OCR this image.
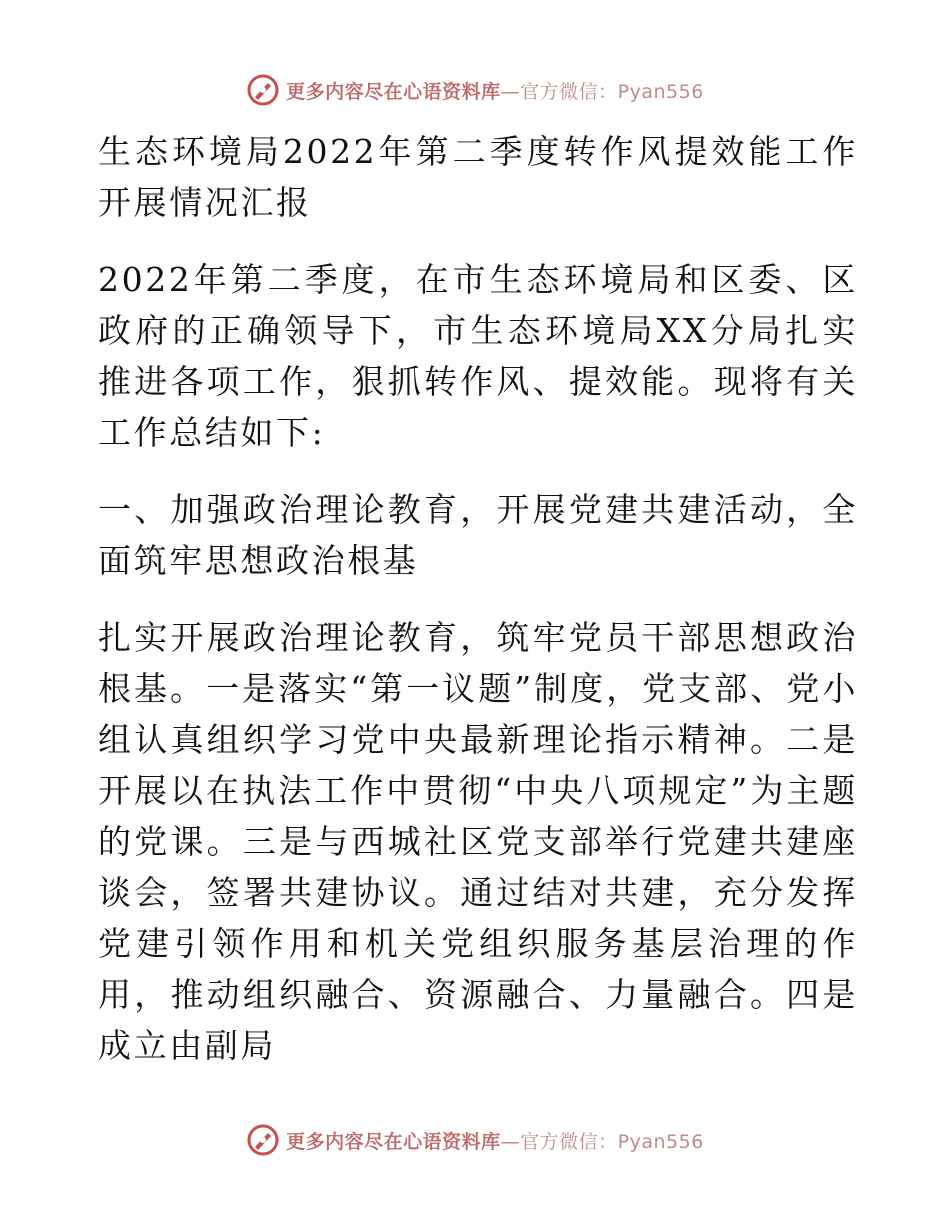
更多内容尽在心语资料库—官方微信：Pyan556

生态环境局2022年第二季度转作风提效能工作开展情况汇报

2022年第二季度，在市生态环境局和区委、区政府的正确领导下，市生态环境局XX分局扎实推进各项工作，狠抓转作风、提效能。现将有关工作总结如下:

一、加强政治理论教育，开展党建共建活动，全面筑牢思想政治根基

扎实开展政治理论教育，筑牢党员干部思想政治根基。一是落实“第一议题”制度，党支部、党小组认真组织学习党中央最新理论指示精神。二是开展以在执法工作中贯彻“中央八项规定”为主题的党课。三是与西城社区党支部举行党建共建座谈会，签署共建协议。通过结对共建，充分发挥党建引领作用和机关党组织服务基层治理的作用，推动组织融合、资源融合、力量融合。四是成立由副局

更多内容尽在心语资料库—官方微信：Pyan556
